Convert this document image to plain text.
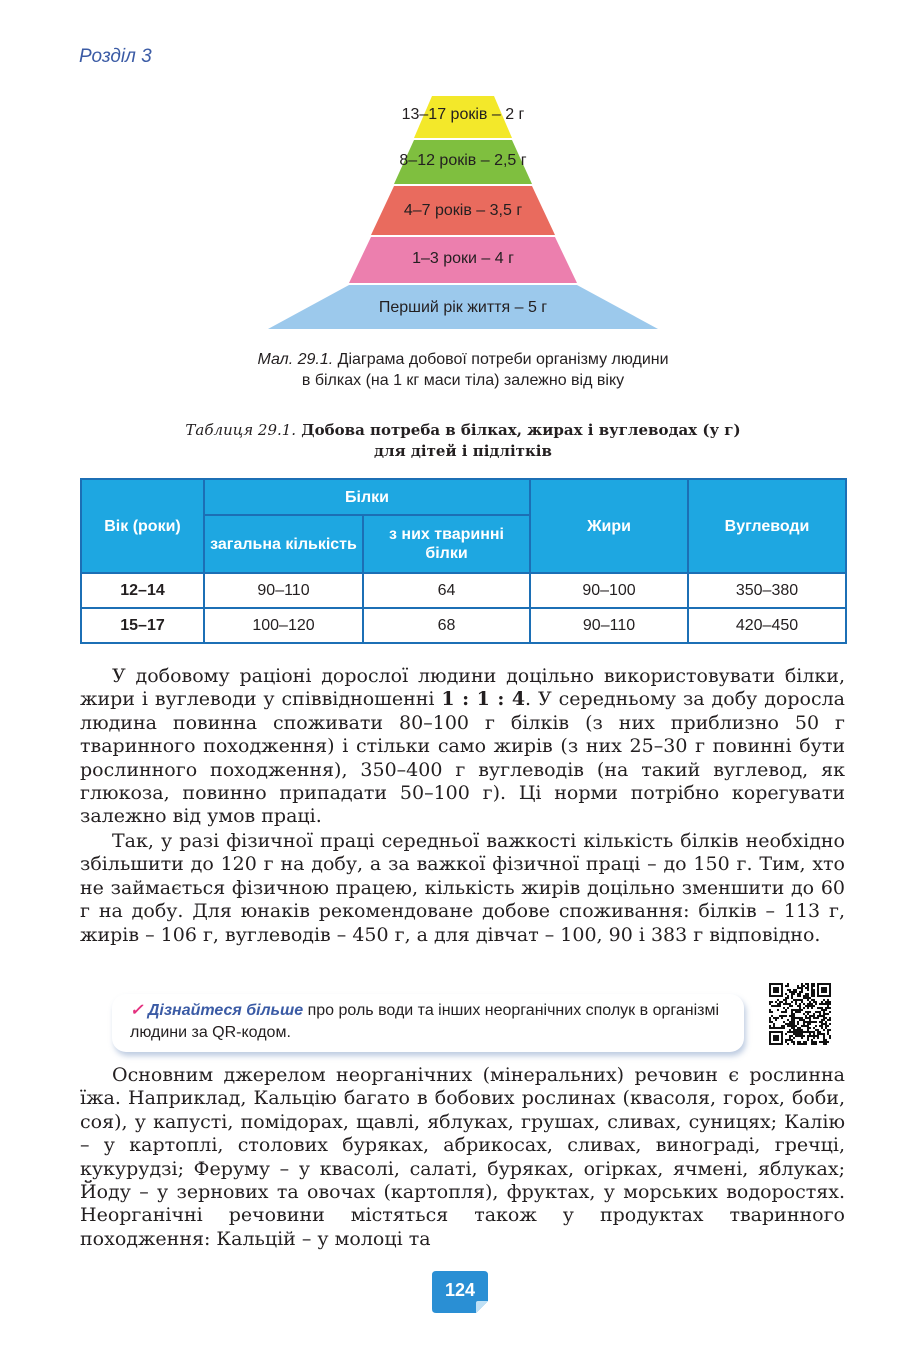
Розділ 3
13–17 років – 2 г
8–12 років – 2,5 г
4–7 років – 3,5 г
1–3 роки – 4 г
Перший рік життя – 5 г
Мал. 29.1. Діаграма добової потреби організму людини
в білках (на 1 кг маси тіла) залежно від віку
Таблиця 29.1. Добова потреба в білках, жирах і вуглеводах (у г)
для дітей і підлітків
Вік (роки)	Білки		Жири	Вуглеводи
	загальна кількість	з них тваринні білки		
12–14	90–110	64	90–100	350–380
15–17	100–120	68	90–110	420–450

У добовому раціоні дорослої людини доцільно використовувати білки, жири і вуглеводи у співвідношенні 1 : 1 : 4. У середньому за добу доросла людина повинна споживати 80–100 г білків (з них приблизно 50 г тваринного походження) і стільки само жирів (з них 25–30 г повинні бути рослинного походження), 350–400 г вуглеводів (на такий вуглевод, як глюкоза, повинно припадати 50–100 г). Ці норми потрібно корегувати залежно від умов праці.

Так, у разі фізичної праці середньої важкості кількість білків необхідно збільшити до 120 г на добу, а за важкої фізичної праці – до 150 г. Тим, хто не займається фізичною працею, кількість жирів доцільно зменшити до 60 г на добу. Для юнаків рекомендоване добове споживання: білків – 113 г, жирів – 106 г, вуглеводів – 450 г, а для дівчат – 100, 90 і 383 г відповідно.

✓ Дізнайтеся більше про роль води та інших неорганічних сполук в організмі людини за QR-кодом.

Основним джерелом неорганічних (мінеральних) речовин є рослинна їжа. Наприклад, Кальцію багато в бобових рослинах (квасоля, горох, боби, соя), у капусті, помідорах, щавлі, яблуках, грушах, сливах, суницях; Калію – у картоплі, столових буряках, абрикосах, сливах, винограді, гречці, кукурудзі; Феруму – у квасолі, салаті, буряках, огірках, ячмені, яблуках; Йоду – у зернових та овочах (картопля), фруктах, у морських водоростях. Неорганічні речовини містяться також у продуктах тваринного походження: Кальцій – у молоці та

124
